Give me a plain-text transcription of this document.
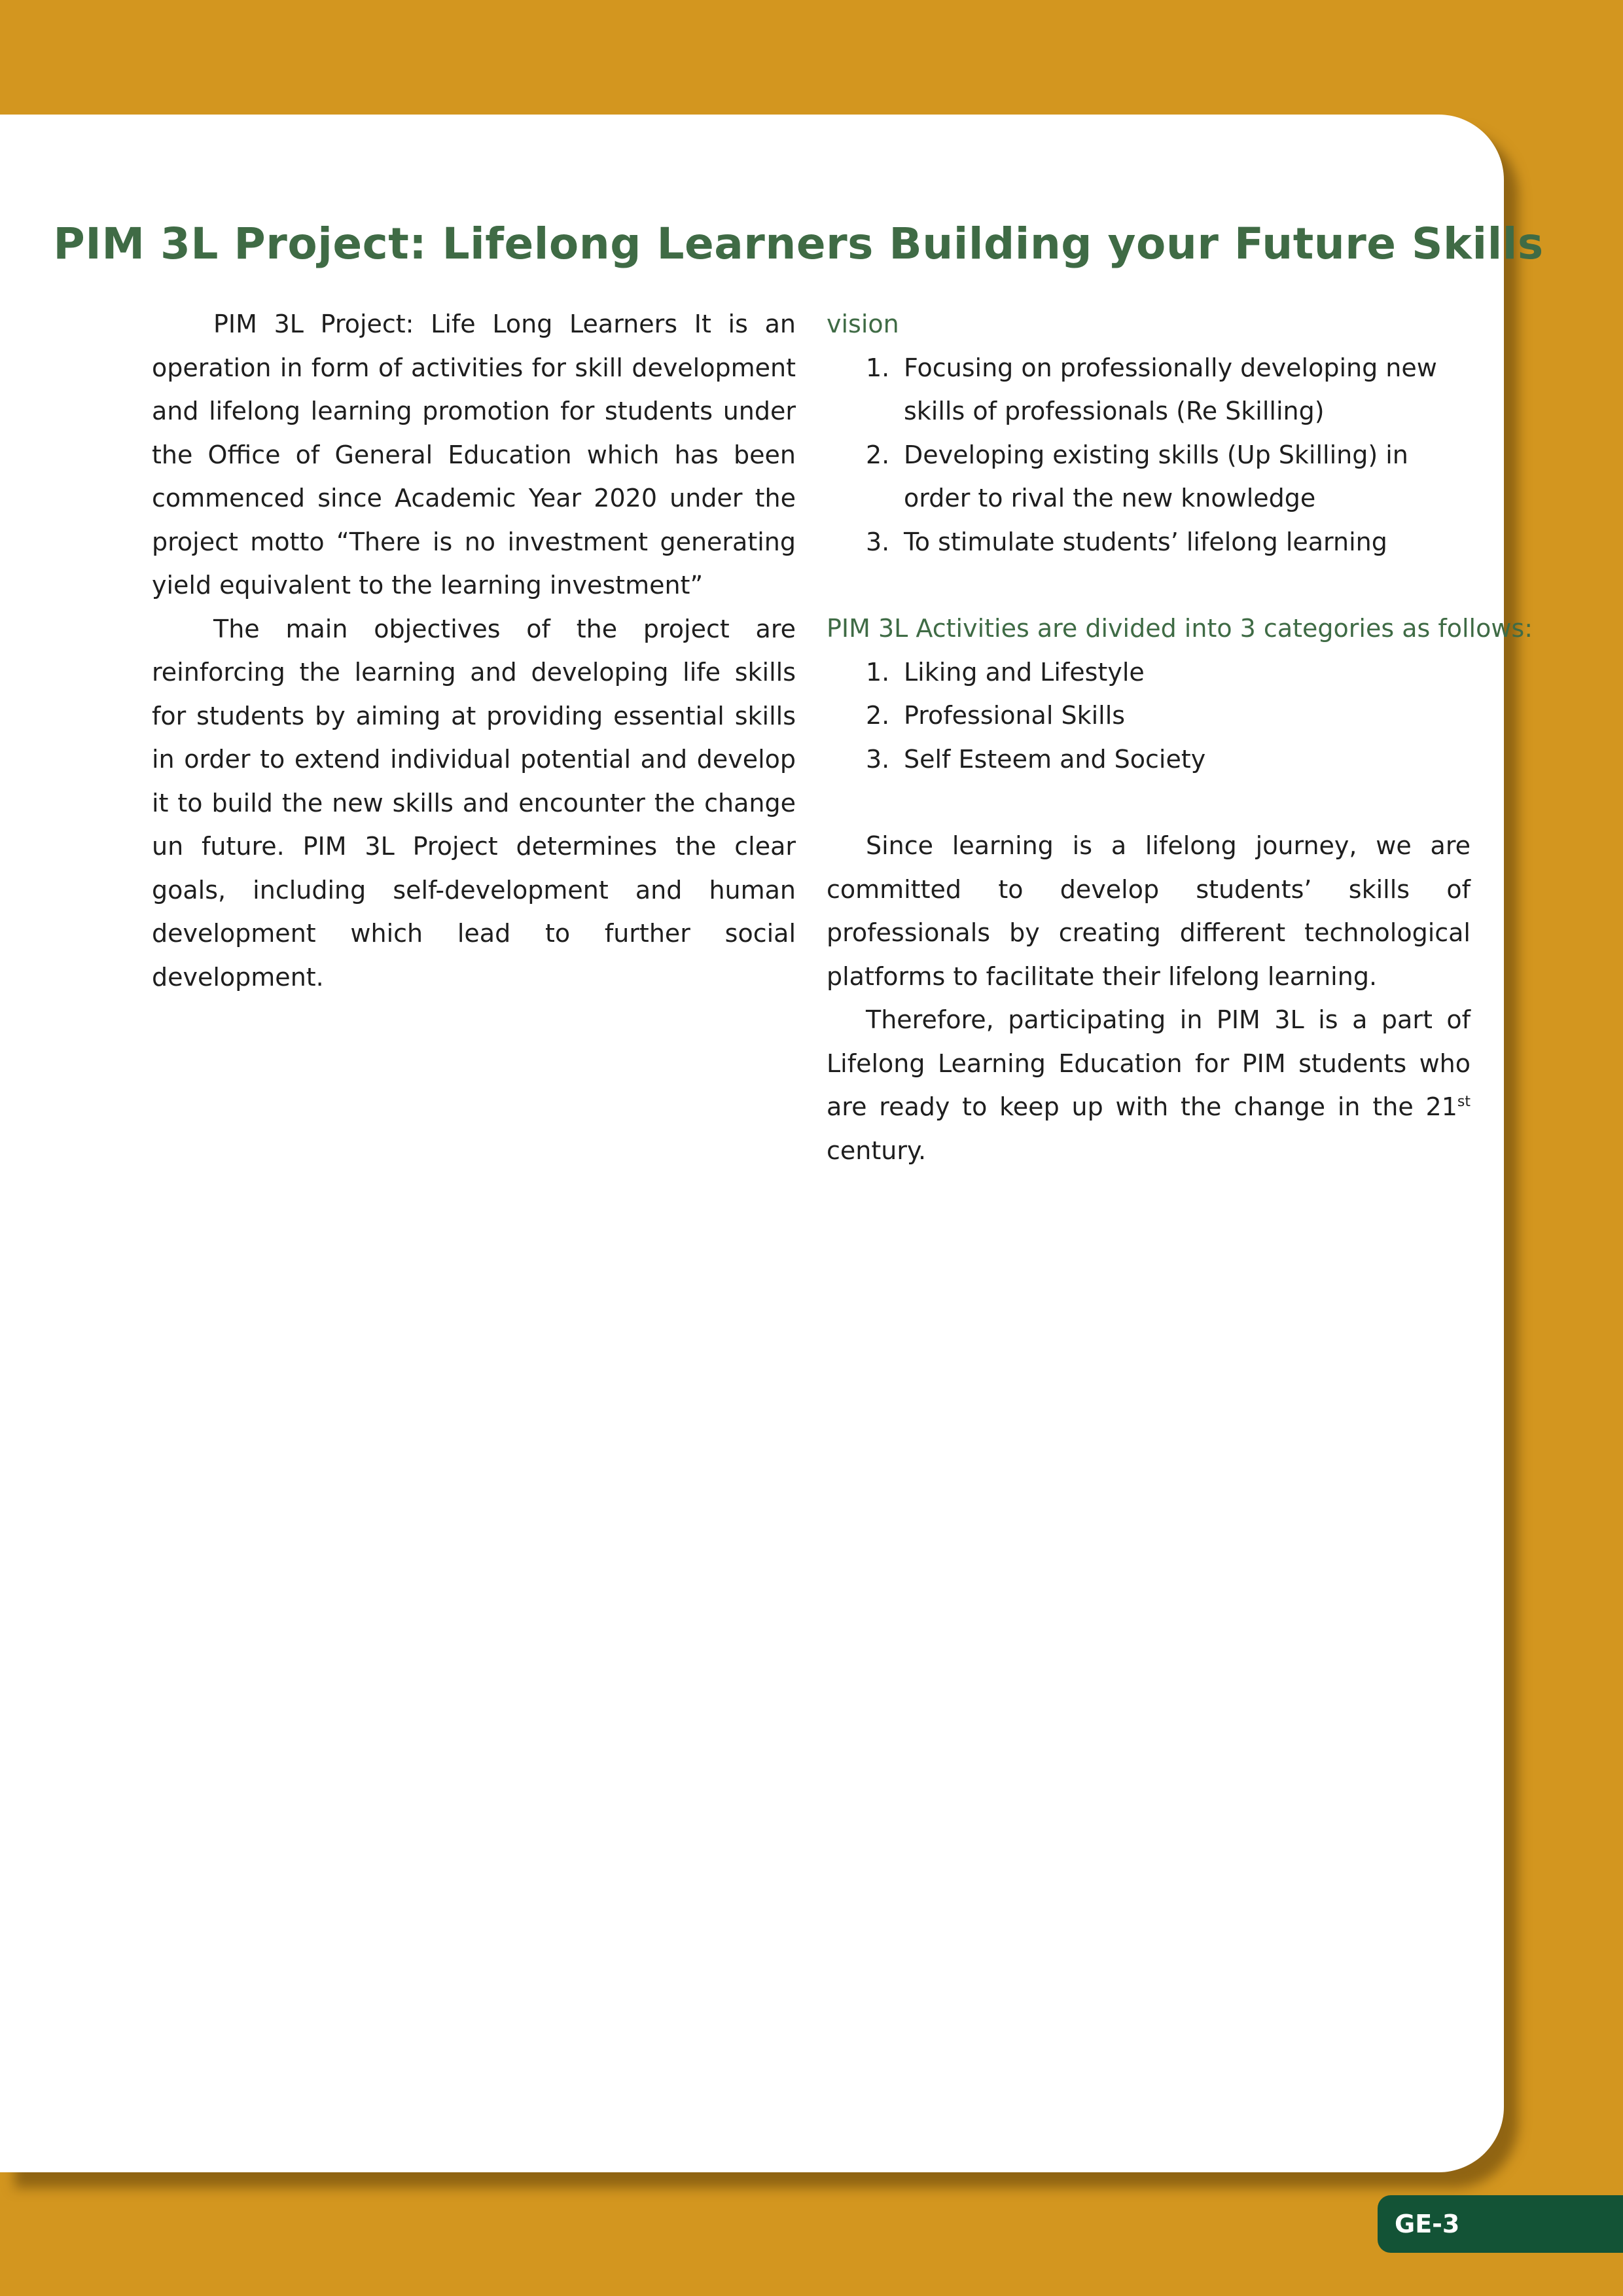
PIM 3L Project: Lifelong Learners Building your Future Skills

PIM 3L Project: Life Long Learners It is an operation in form of activities for skill development and lifelong learning promotion for students under the Office of General Education which has been commenced since Academic Year 2020 under the project motto “There is no investment generating yield equivalent to the learning investment”

The main objectives of the project are reinforcing the learning and developing life skills for students by aiming at providing essential skills in order to extend individual potential and develop it to build the new skills and encounter the change un future. PIM 3L Project determines the clear goals, including self-development and human development which lead to further social development.

vision

1. Focusing on professionally developing new skills of professionals (Re Skilling)
2. Developing existing skills (Up Skilling) in order to rival the new knowledge
3. To stimulate students’ lifelong learning

PIM 3L Activities are divided into 3 categories as follows:

1. Liking and Lifestyle
2. Professional Skills
3. Self Esteem and Society

Since learning is a lifelong journey, we are committed to develop students’ skills of professionals by creating different technological platforms to facilitate their lifelong learning.

Therefore, participating in PIM 3L is a part of Lifelong Learning Education for PIM students who are ready to keep up with the change in the 21st century.

GE-3
